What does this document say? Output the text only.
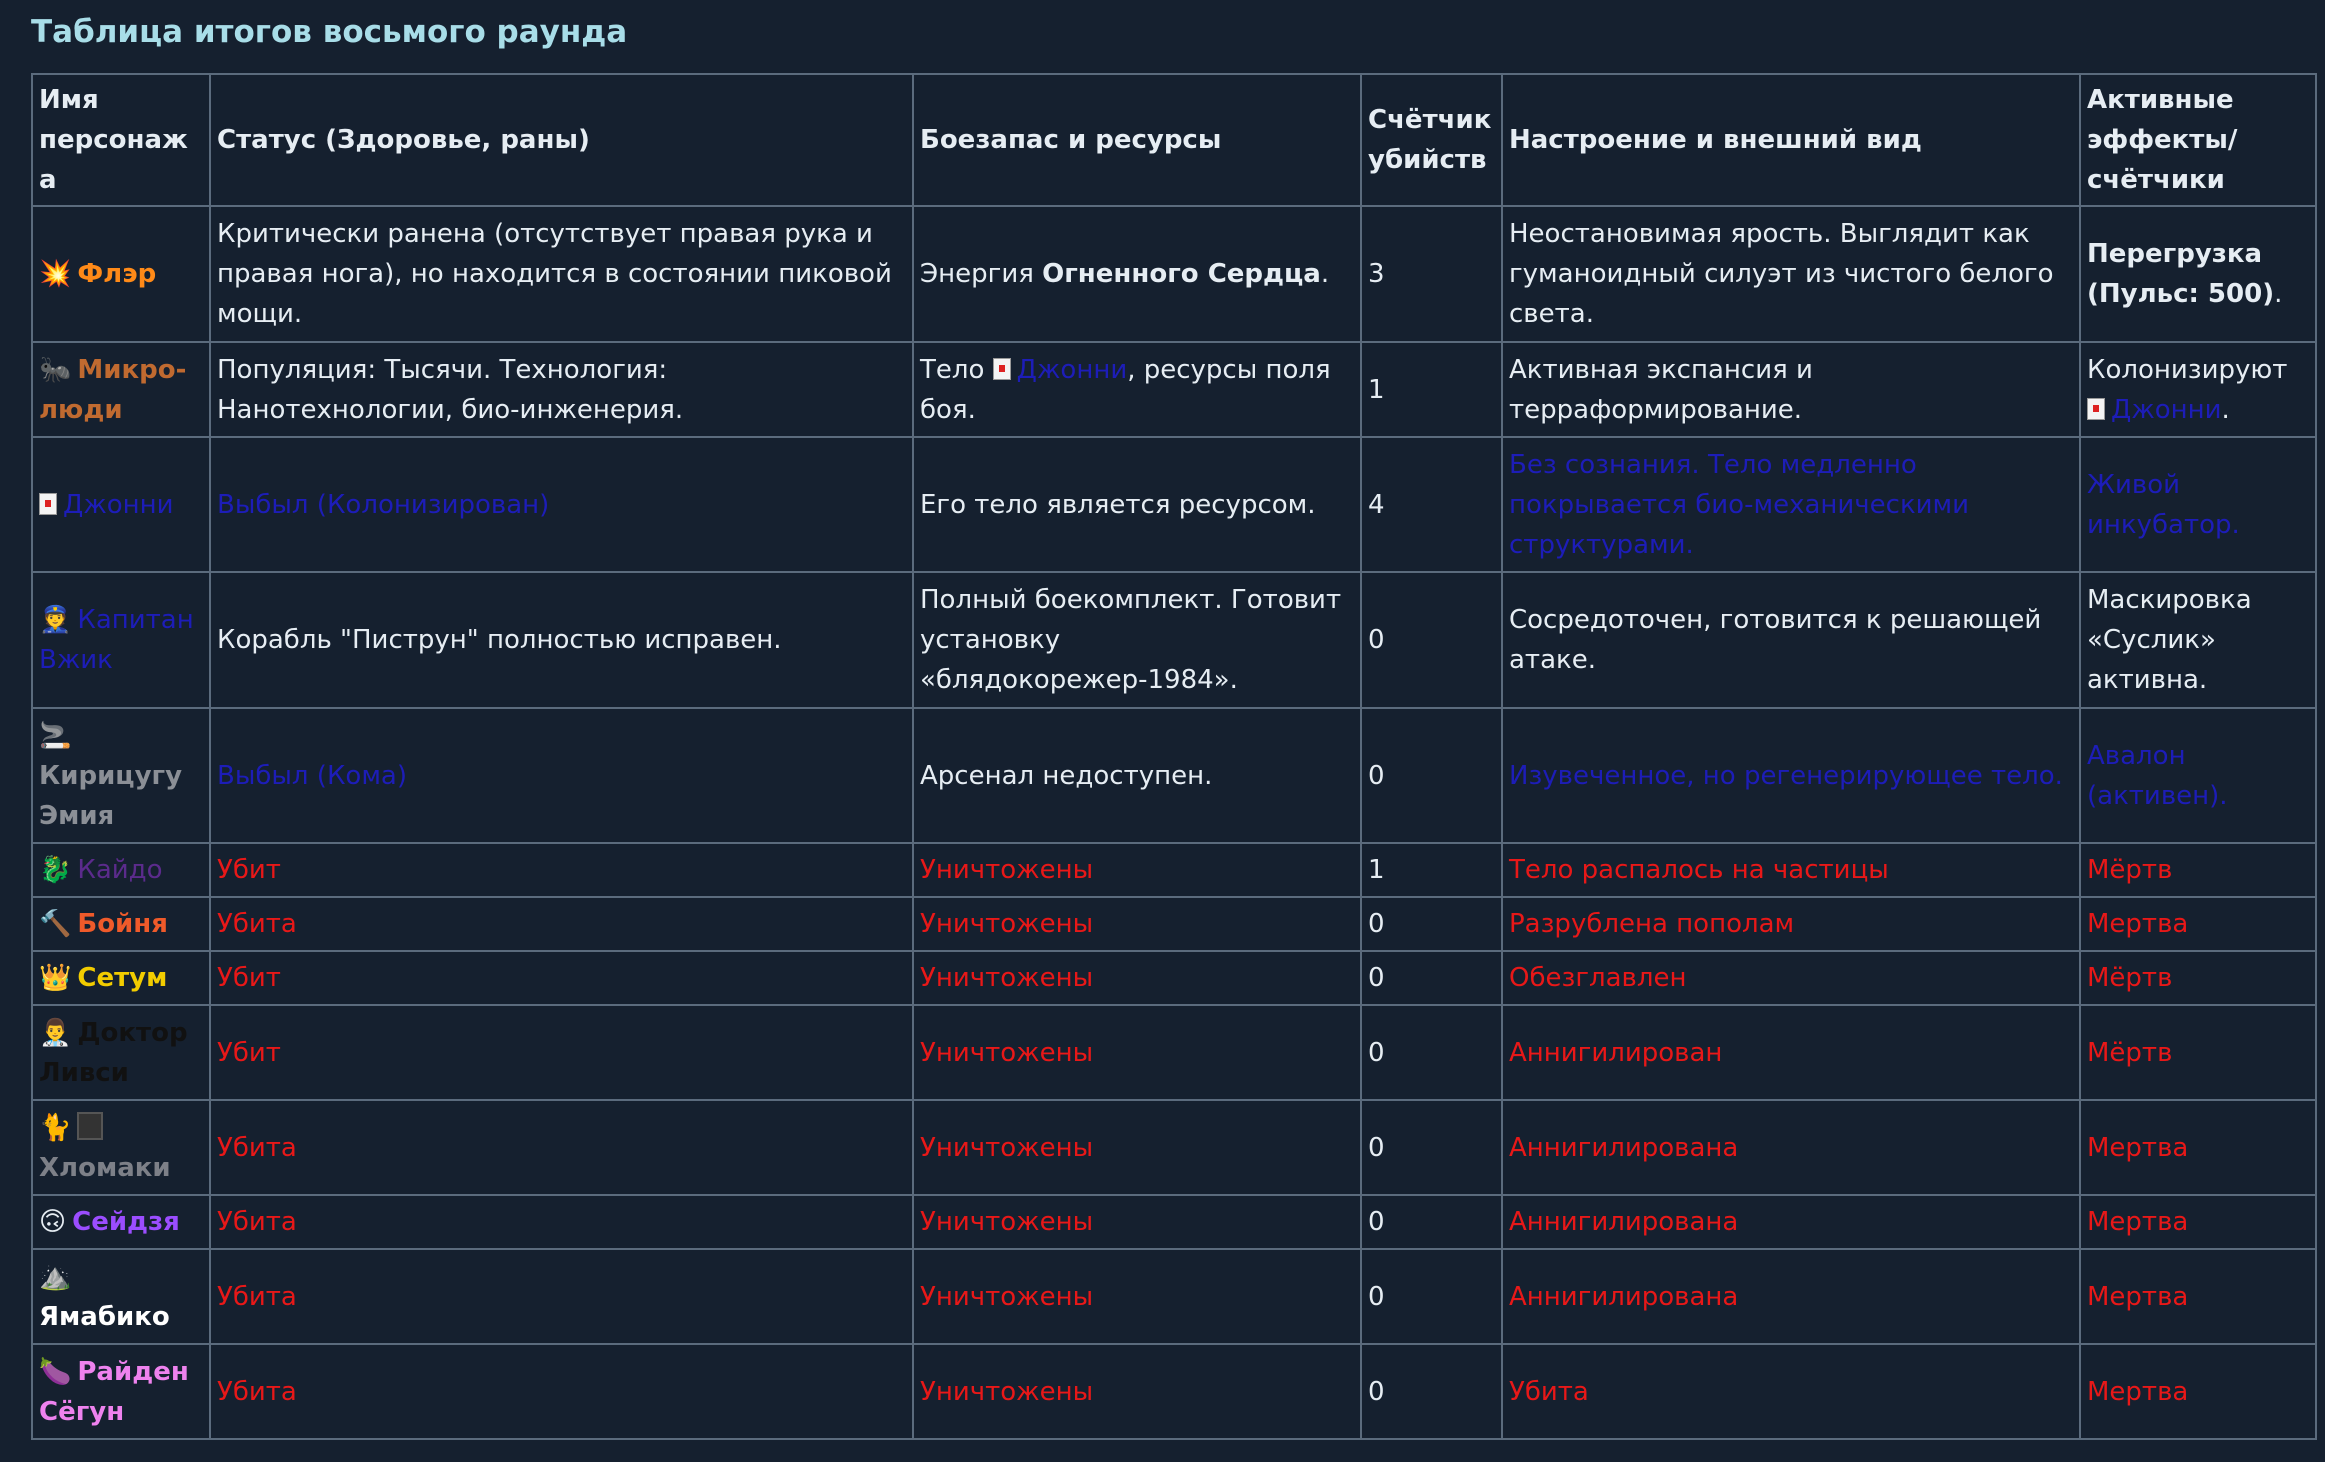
Таблица итогов восьмого раунда
Имя персонажа	Статус (Здоровье, раны)	Боезапас и ресурсы	Счётчик убийств	Настроение и внешний вид	Активные эффекты/ счётчики
💥 Флэр	Критически ранена (отсутствует правая рука и правая нога), но находится в состоянии пиковой мощи.	Энергия Огненного Сердца.	3	Неостановимая ярость. Выглядит как гуманоидный силуэт из чистого белого света.	Перегрузка (Пульс: 500).
🐜 Микро-люди	Популяция: Тысячи. Технология: Нанотехнологии, био-инженерия.	Тело Джонни, ресурсы поля боя.	1	Активная экспансия и терраформирование.	Колонизируют Джонни.
Джонни	Выбыл (Колонизирован)	Его тело является ресурсом.	4	Без сознания. Тело медленно покрывается био-механическими структурами.	Живой инкубатор.
👮 Капитан Вжик	Корабль "Пиструн" полностью исправен.	Полный боекомплект. Готовит установку «блядокорежер-1984».	0	Сосредоточен, готовится к решающей атаке.	Маскировка «Суслик» активна.
🚬
Кирицугу Эмия	Выбыл (Кома)	Арсенал недоступен.	0	Изувеченное, но регенерирующее тело.	Авалон (активен).
🐉 Кайдо	Убит	Уничтожены	1	Тело распалось на частицы	Мёртв
🔨 Бойня	Убита	Уничтожены	0	Разрублена пополам	Мертва
👑 Сетум	Убит	Уничтожены	0	Обезглавлен	Мёртв
👨‍⚕️ Доктор Ливси	Убит	Уничтожены	0	Аннигилирован	Мёртв
🐈
Хломаки	Убита	Уничтожены	0	Аннигилирована	Мертва
🙃 Сейдзя	Убита	Уничтожены	0	Аннигилирована	Мертва
⛰️
Ямабико	Убита	Уничтожены	0	Аннигилирована	Мертва
🍆 Райден Сёгун	Убита	Уничтожены	0	Убита	Мертва
